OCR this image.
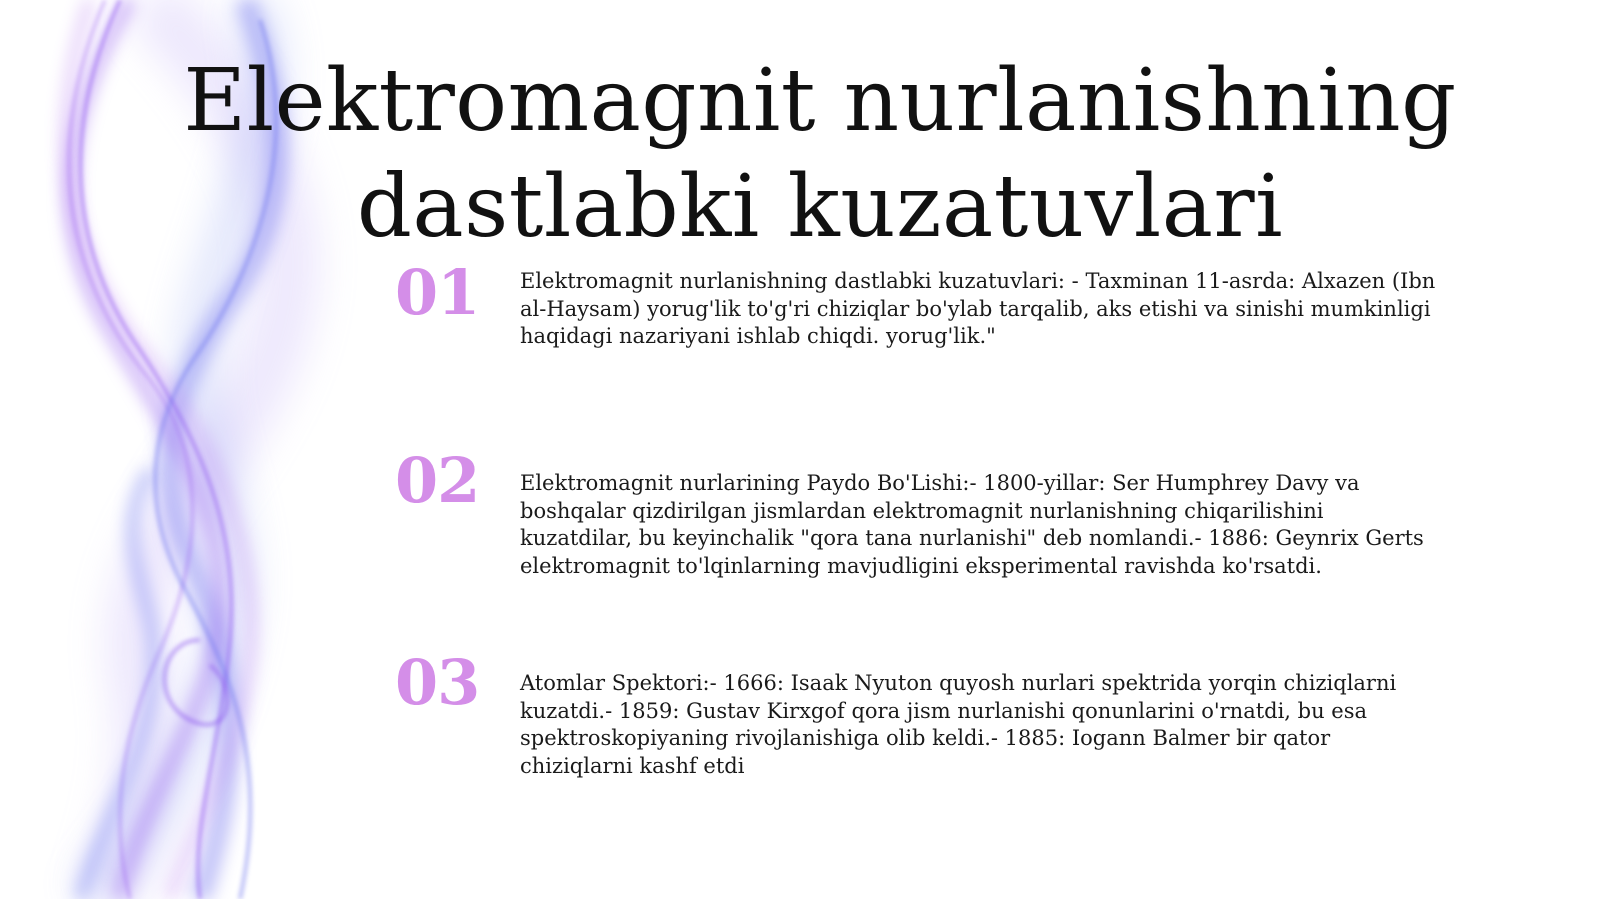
Elektromagnit nurlanishning dastlabki kuzatuvlari
01 Elektromagnit nurlanishning dastlabki kuzatuvlari: - Taxminan 11-asrda: Alxazen (Ibn al-Haysam) yorug'lik to'g'ri chiziqlar bo'ylab tarqalib, aks etishi va sinishi mumkinligi haqidagi nazariyani ishlab chiqdi. yorug'lik."

02 Elektromagnit nurlarining Paydo Bo'Lishi:- 1800-yillar: Ser Humphrey Davy va boshqalar qizdirilgan jismlardan elektromagnit nurlanishning chiqarilishini kuzatdilar, bu keyinchalik "qora tana nurlanishi" deb nomlandi.- 1886: Geynrix Gerts elektromagnit to'lqinlarning mavjudligini eksperimental ravishda ko'rsatdi.

03 Atomlar Spektori:- 1666: Isaak Nyuton quyosh nurlari spektrida yorqin chiziqlarni kuzatdi.- 1859: Gustav Kirxgof qora jism nurlanishi qonunlarini o'rnatdi, bu esa spektroskopiyaning rivojlanishiga olib keldi.- 1885: Iogann Balmer bir qator chiziqlarni kashf etdi
